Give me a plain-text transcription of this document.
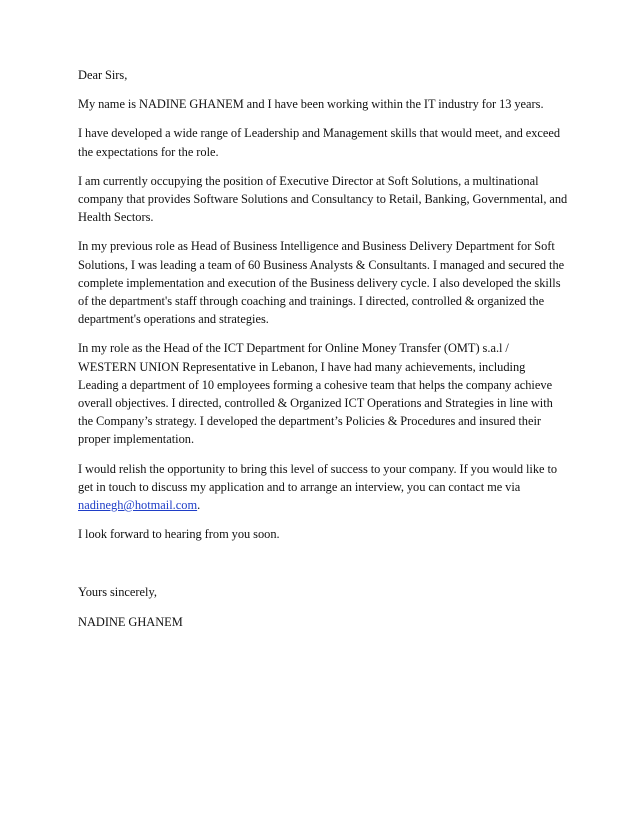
Dear Sirs,

My name is NADINE GHANEM and I have been working within the IT industry for 13 years.

I have developed a wide range of Leadership and Management skills that would meet, and exceed
the expectations for the role.

I am currently occupying the position of Executive Director at Soft Solutions, a multinational
company that provides Software Solutions and Consultancy to Retail, Banking, Governmental, and
Health Sectors.

In my previous role as Head of Business Intelligence and Business Delivery Department for Soft
Solutions, I was leading a team of 60 Business Analysts & Consultants. I managed and secured the
complete implementation and execution of the Business delivery cycle. I also developed the skills
of the department's staff through coaching and trainings. I directed, controlled & organized the
department's operations and strategies.

In my role as the Head of the ICT Department for Online Money Transfer (OMT) s.a.l /
WESTERN UNION Representative in Lebanon, I have had many achievements, including
Leading a department of 10 employees forming a cohesive team that helps the company achieve
overall objectives. I directed, controlled & Organized ICT Operations and Strategies in line with
the Company’s strategy. I developed the department’s Policies & Procedures and insured their
proper implementation.

I would relish the opportunity to bring this level of success to your company. If you would like to
get in touch to discuss my application and to arrange an interview, you can contact me via
nadinegh@hotmail.com.

I look forward to hearing from you soon.

Yours sincerely,

NADINE GHANEM
